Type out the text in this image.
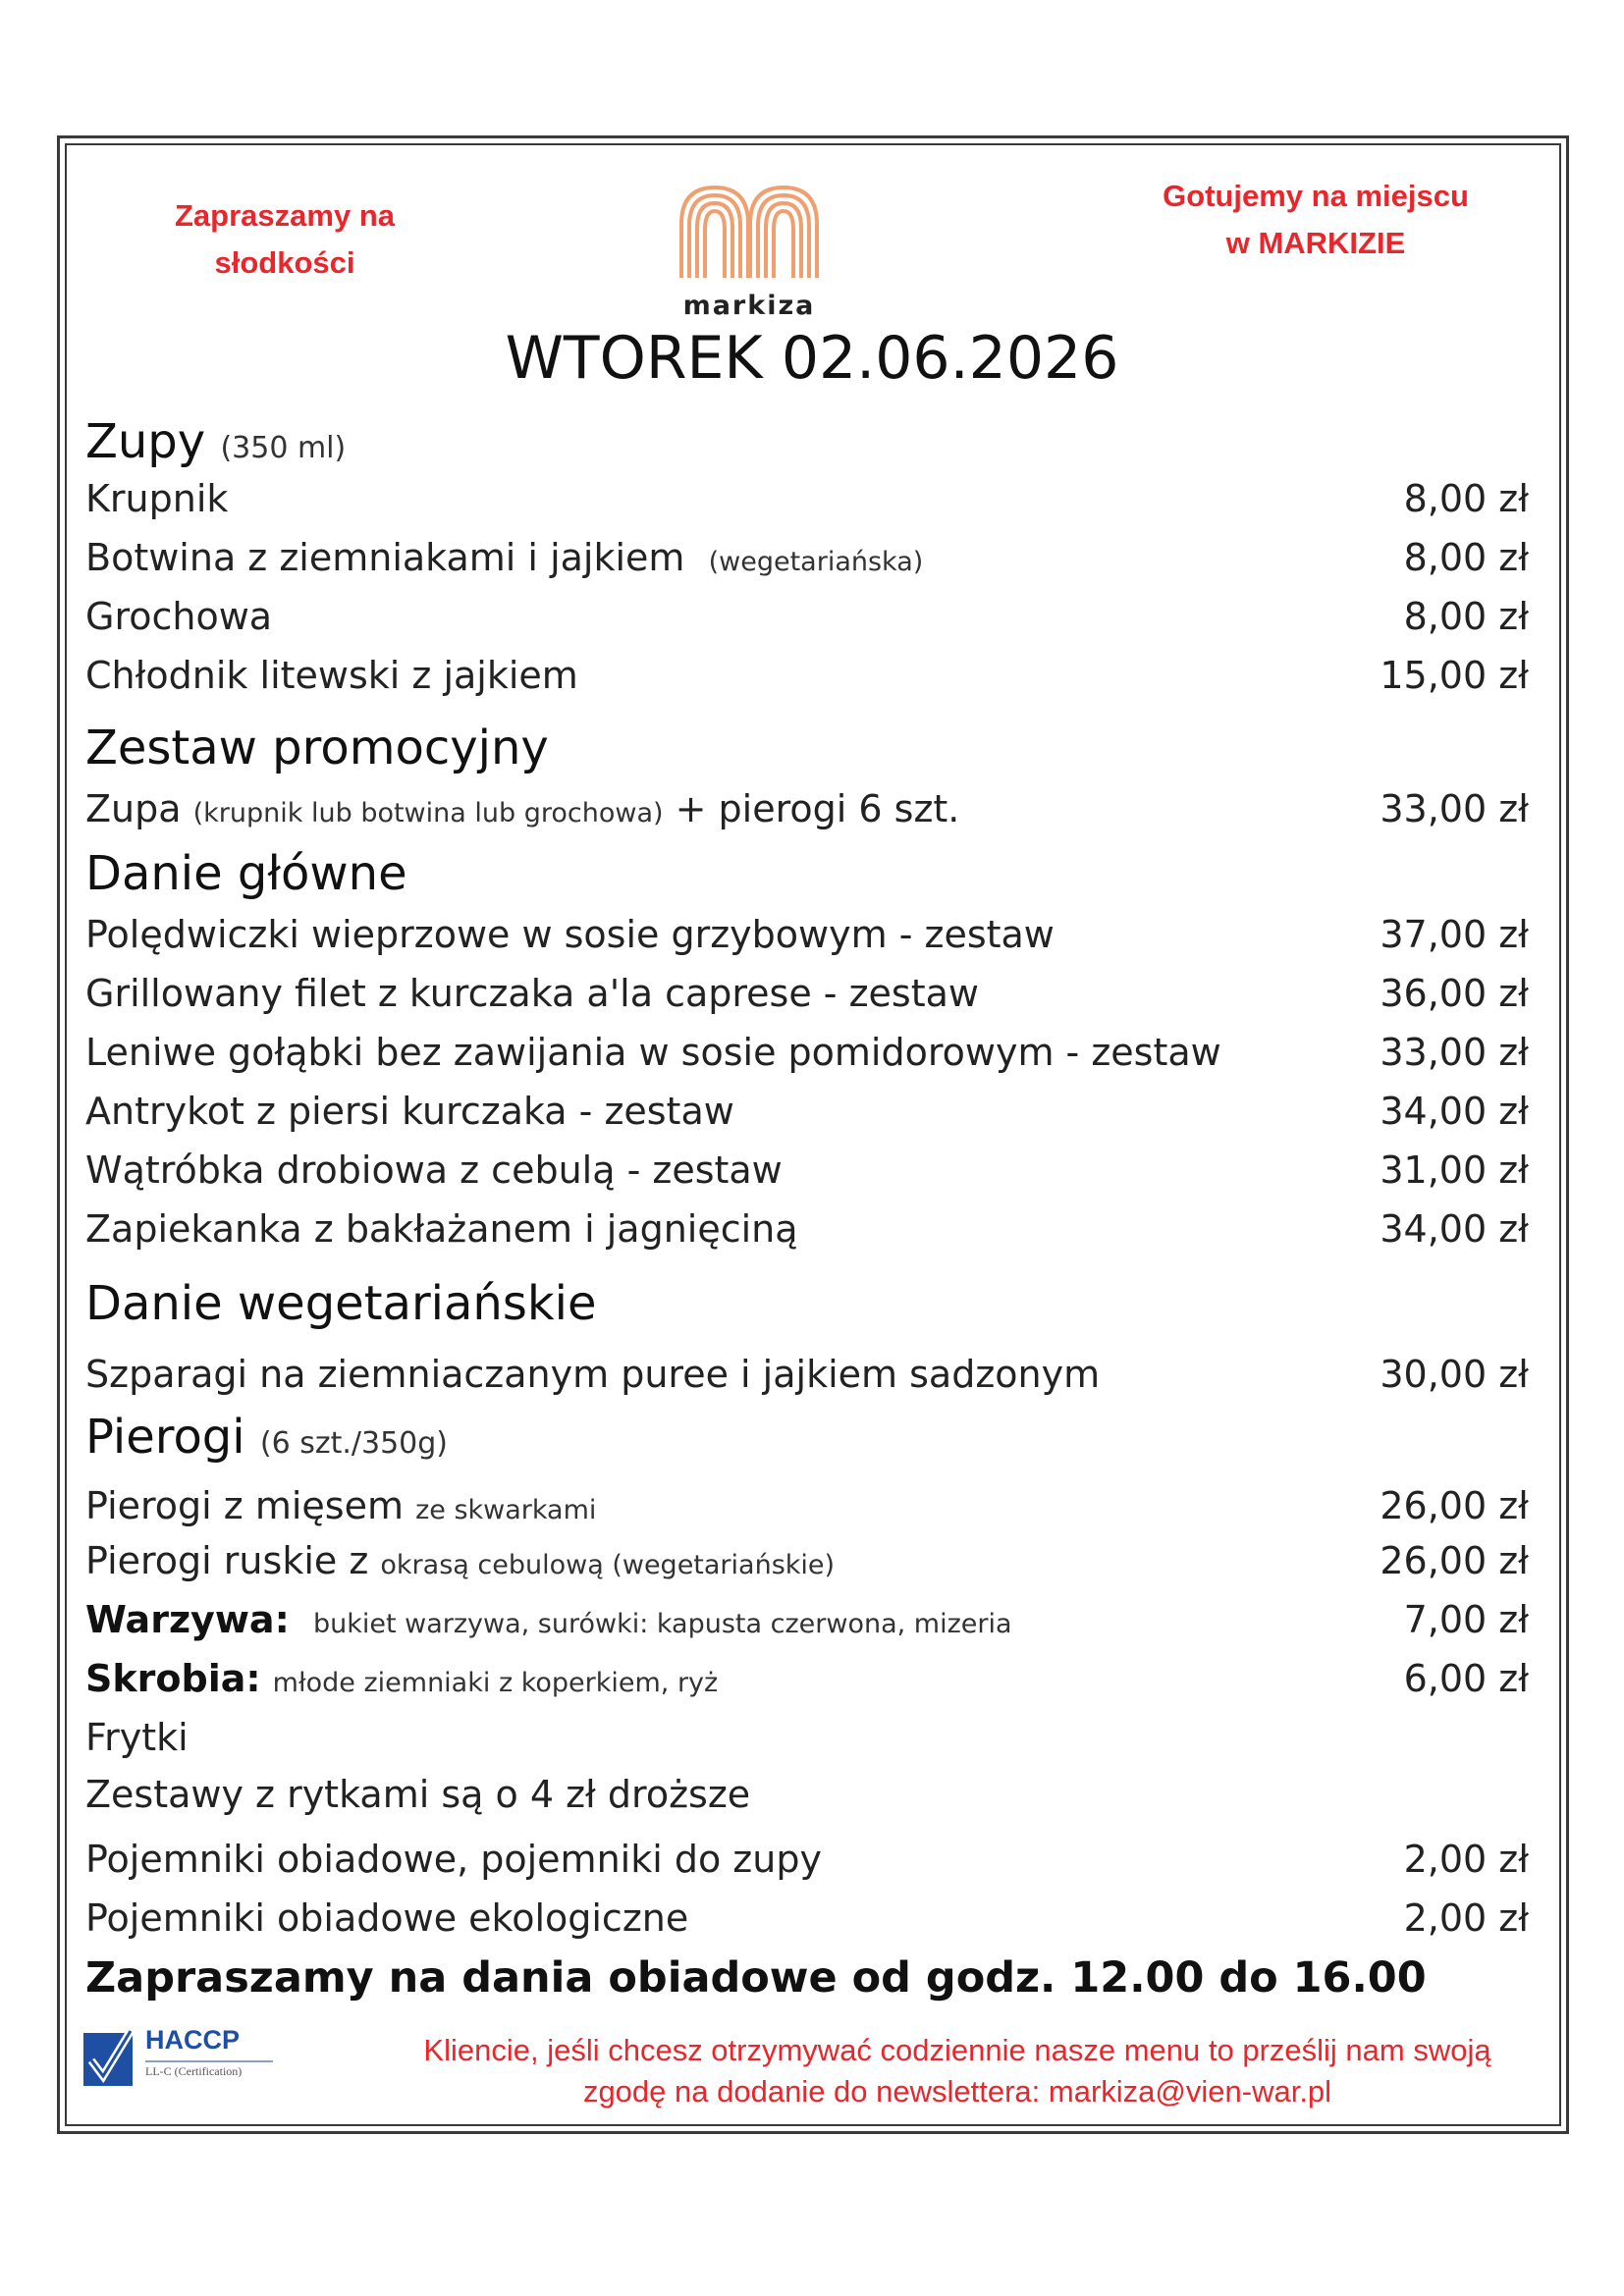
Zapraszamy na
słodkości
Gotujemy na miejscu
w MARKIZIE
markiza
WTOREK 02.06.2026
Zupy (350 ml)
Krupnik	8,00 zł
Botwina z ziemniakami i jajkiem (wegetariańska)	8,00 zł
Grochowa	8,00 zł
Chłodnik litewski z jajkiem	15,00 zł
Zestaw promocyjny
Zupa (krupnik lub botwina lub grochowa) + pierogi 6 szt.	33,00 zł
Danie główne
Polędwiczki wieprzowe w sosie grzybowym - zestaw	37,00 zł
Grillowany filet z kurczaka a'la caprese - zestaw	36,00 zł
Leniwe gołąbki bez zawijania w sosie pomidorowym - zestaw	33,00 zł
Antrykot z piersi kurczaka - zestaw	34,00 zł
Wątróbka drobiowa z cebulą - zestaw	31,00 zł
Zapiekanka z bakłażanem i jagnięciną	34,00 zł
Danie wegetariańskie
Szparagi na ziemniaczanym puree i jajkiem sadzonym	30,00 zł
Pierogi (6 szt./350g)
Pierogi z mięsem ze skwarkami	26,00 zł
Pierogi ruskie z okrasą cebulową (wegetariańskie)	26,00 zł
Warzywa: bukiet warzywa, surówki: kapusta czerwona, mizeria	7,00 zł
Skrobia: młode ziemniaki z koperkiem, ryż	6,00 zł
Frytki
Zestawy z rytkami są o 4 zł droższe
Pojemniki obiadowe, pojemniki do zupy	2,00 zł
Pojemniki obiadowe ekologiczne	2,00 zł
Zapraszamy na dania obiadowe od godz. 12.00 do 16.00
HACCP
LL-C (Certification)
Kliencie, jeśli chcesz otrzymywać codziennie nasze menu to prześlij nam swoją
zgodę na dodanie do newslettera: markiza@vien-war.pl
